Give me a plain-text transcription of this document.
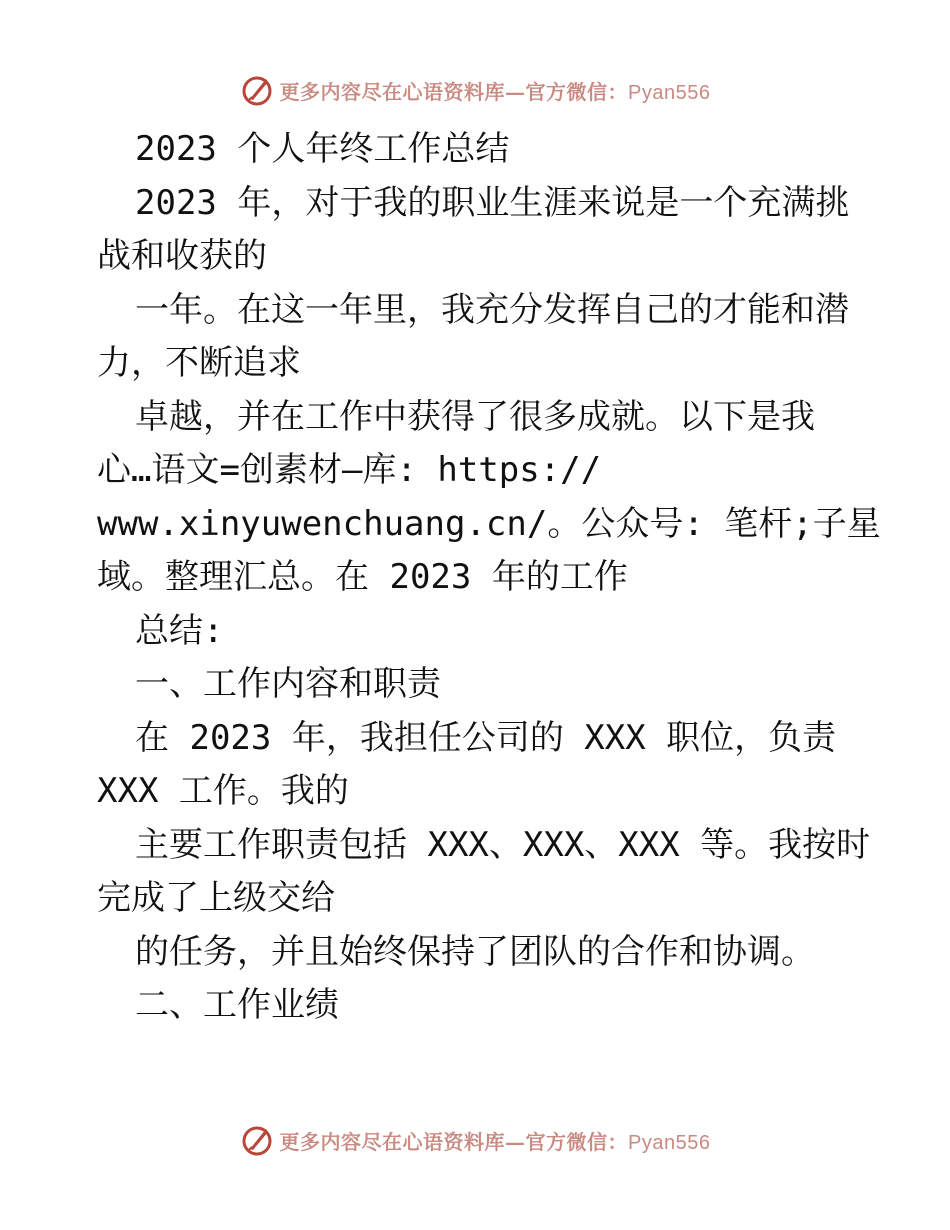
更多内容尽在心语资料库—官方微信：Pyan556
2023 个人年终工作总结
2023 年，对于我的职业生涯来说是一个充满挑
战和收获的
一年。在这一年里，我充分发挥自己的才能和潜
力，不断追求
卓越，并在工作中获得了很多成就。以下是我
心…语文=创素材—库: https://
www.xinyuwenchuang.cn/。公众号: 笔杆;子星
域。整理汇总。在 2023 年的工作
总结:
一、工作内容和职责
在 2023 年，我担任公司的 XXX 职位，负责
XXX 工作。我的
主要工作职责包括 XXX、XXX、XXX 等。我按时
完成了上级交给
的任务，并且始终保持了团队的合作和协调。
二、工作业绩
更多内容尽在心语资料库—官方微信：Pyan556
